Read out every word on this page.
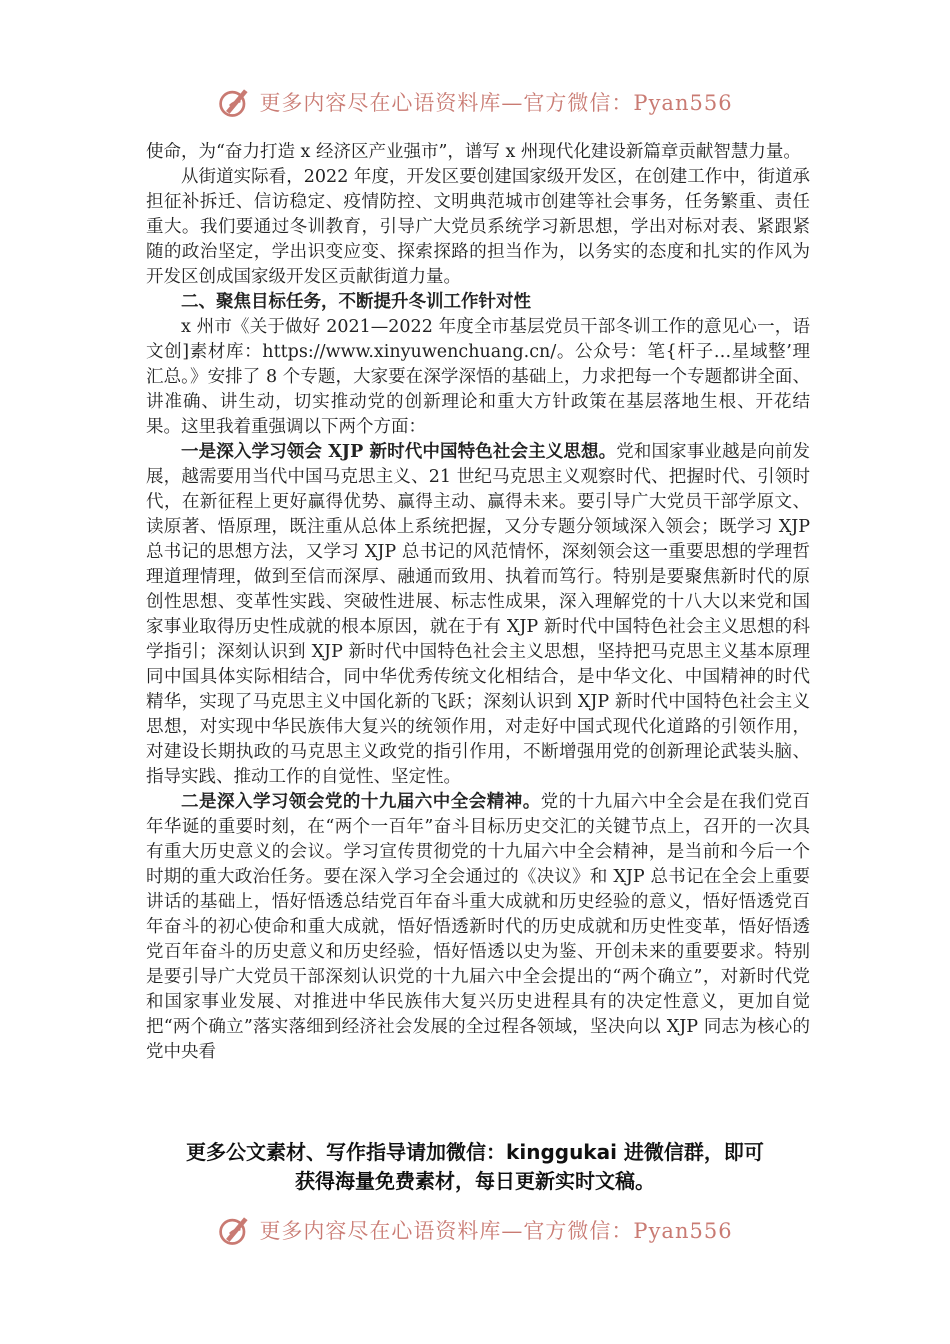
更多内容尽在心语资料库—官方微信：Pyan556

使命，为“奋力打造 x 经济区产业强市”，谱写 x 州现代化建设新篇章贡献智慧力量。

从街道实际看，2022 年度，开发区要创建国家级开发区，在创建工作中，街道承担征补拆迁、信访稳定、疫情防控、文明典范城市创建等社会事务，任务繁重、责任重大。我们要通过冬训教育，引导广大党员系统学习新思想，学出对标对表、紧跟紧随的政治坚定，学出识变应变、探索探路的担当作为，以务实的态度和扎实的作风为开发区创成国家级开发区贡献街道力量。

二、聚焦目标任务，不断提升冬训工作针对性

x 州市《关于做好 2021—2022 年度全市基层党员干部冬训工作的意见心一，语文创]素材库：https://www.xinyuwenchuang.cn/。公众号：笔{杆子…星域整’理汇总。》安排了 8 个专题，大家要在深学深悟的基础上，力求把每一个专题都讲全面、讲准确、讲生动，切实推动党的创新理论和重大方针政策在基层落地生根、开花结果。这里我着重强调以下两个方面：

一是深入学习领会 XJP 新时代中国特色社会主义思想。党和国家事业越是向前发展，越需要用当代中国马克思主义、21 世纪马克思主义观察时代、把握时代、引领时代，在新征程上更好赢得优势、赢得主动、赢得未来。要引导广大党员干部学原文、读原著、悟原理，既注重从总体上系统把握，又分专题分领域深入领会；既学习 XJP 总书记的思想方法，又学习 XJP 总书记的风范情怀，深刻领会这一重要思想的学理哲理道理情理，做到至信而深厚、融通而致用、执着而笃行。特别是要聚焦新时代的原创性思想、变革性实践、突破性进展、标志性成果，深入理解党的十八大以来党和国家事业取得历史性成就的根本原因，就在于有 XJP 新时代中国特色社会主义思想的科学指引；深刻认识到 XJP 新时代中国特色社会主义思想，坚持把马克思主义基本原理同中国具体实际相结合，同中华优秀传统文化相结合，是中华文化、中国精神的时代精华，实现了马克思主义中国化新的飞跃；深刻认识到 XJP 新时代中国特色社会主义思想，对实现中华民族伟大复兴的统领作用，对走好中国式现代化道路的引领作用，对建设长期执政的马克思主义政党的指引作用，不断增强用党的创新理论武装头脑、指导实践、推动工作的自觉性、坚定性。

二是深入学习领会党的十九届六中全会精神。党的十九届六中全会是在我们党百年华诞的重要时刻，在“两个一百年”奋斗目标历史交汇的关键节点上，召开的一次具有重大历史意义的会议。学习宣传贯彻党的十九届六中全会精神，是当前和今后一个时期的重大政治任务。要在深入学习全会通过的《决议》和 XJP 总书记在全会上重要讲话的基础上，悟好悟透总结党百年奋斗重大成就和历史经验的意义，悟好悟透党百年奋斗的初心使命和重大成就，悟好悟透新时代的历史成就和历史性变革，悟好悟透党百年奋斗的历史意义和历史经验，悟好悟透以史为鉴、开创未来的重要要求。特别是要引导广大党员干部深刻认识党的十九届六中全会提出的“两个确立”，对新时代党和国家事业发展、对推进中华民族伟大复兴历史进程具有的决定性意义，更加自觉把“两个确立”落实落细到经济社会发展的全过程各领域，坚决向以 XJP 同志为核心的党中央看

更多公文素材、写作指导请加微信：kinggukai 进微信群，即可
获得海量免费素材，每日更新实时文稿。
更多内容尽在心语资料库—官方微信：Pyan556
